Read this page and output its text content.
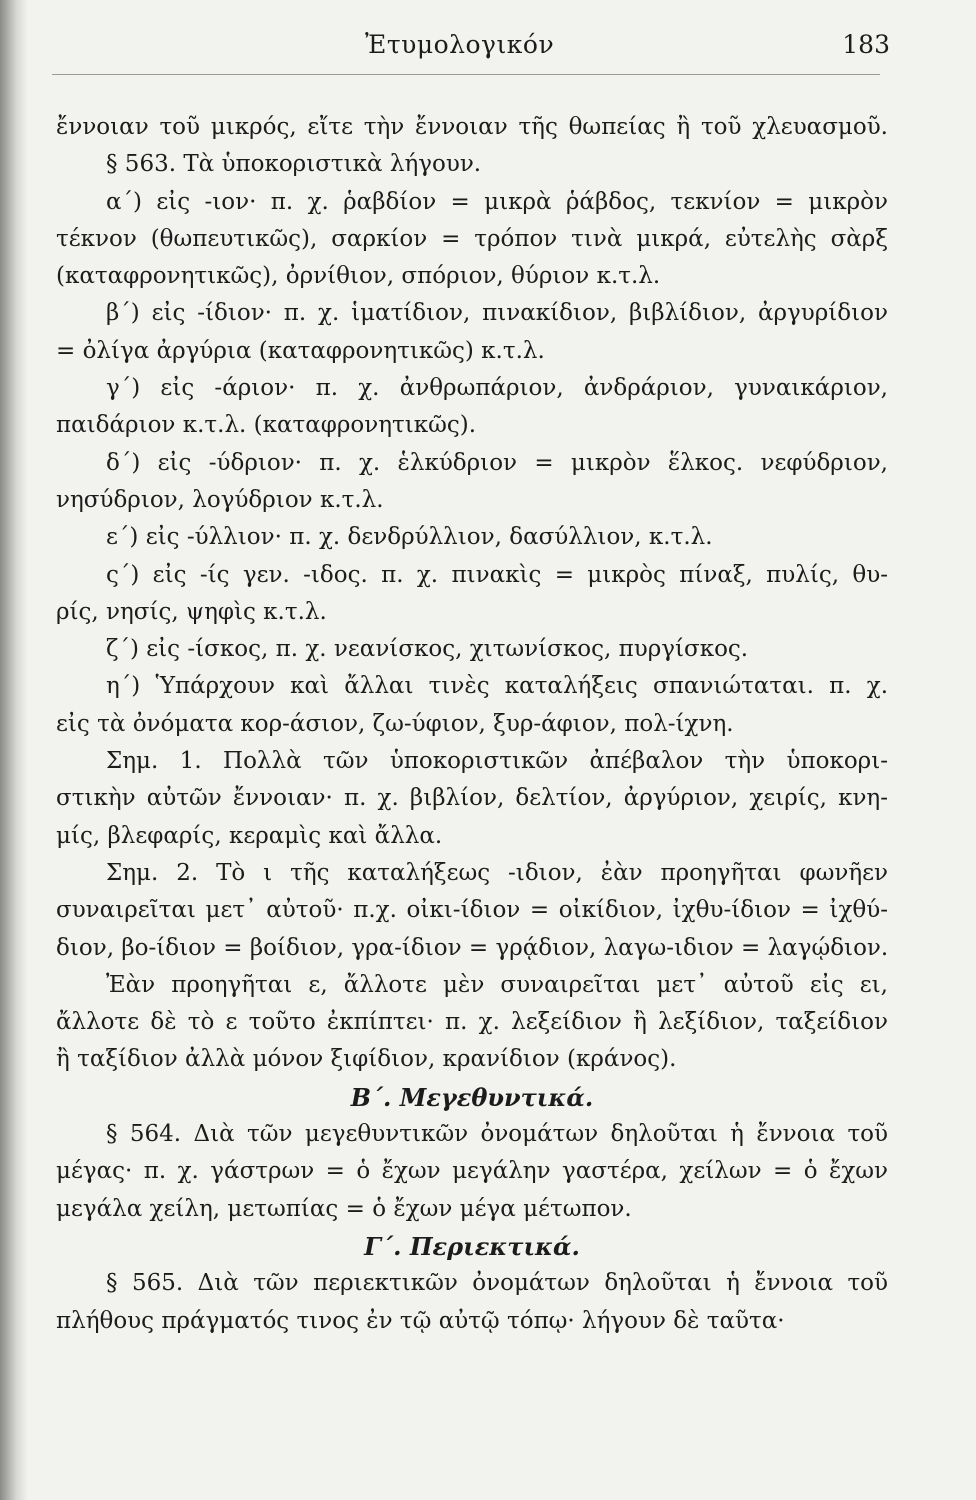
Ἐτυμολογικόν	183
ἔννοιαν τοῦ μικρός, εἴτε τὴν ἔννοιαν τῆς θωπείας ἢ τοῦ χλευασμοῦ.
§ 563. Τὰ ὑποκοριστικὰ λήγουν.
α΄) εἰς -ιον· π. χ. ῥαβδίον = μικρὰ ῥάβδος, τεκνίον = μικρὸν
τέκνον (θωπευτικῶς), σαρκίον = τρόπον τινὰ μικρά, εὐτελὴς σὰρξ
(καταφρονητικῶς), ὀρνίθιον, σπόριον, θύριον κ.τ.λ.
β΄) εἰς -ίδιον· π. χ. ἱματίδιον, πινακίδιον, βιβλίδιον, ἀργυρίδιον
= ὀλίγα ἀργύρια (καταφρονητικῶς) κ.τ.λ.
γ΄) εἰς -άριον· π. χ. ἀνθρωπάριον, ἀνδράριον, γυναικάριον,
παιδάριον κ.τ.λ. (καταφρονητικῶς).
δ΄) εἰς -ύδριον· π. χ. ἑλκύδριον = μικρὸν ἕλκος. νεφύδριον,
νησύδριον, λογύδριον κ.τ.λ.
ε΄) εἰς -ύλλιον· π. χ. δενδρύλλιον, δασύλλιον, κ.τ.λ.
ς΄) εἰς -ίς γεν. -ιδος. π. χ. πινακὶς = μικρὸς πίναξ, πυλίς, θυ-
ρίς, νησίς, ψηφὶς κ.τ.λ.
ζ΄) εἰς -ίσκος, π. χ. νεανίσκος, χιτωνίσκος, πυργίσκος.
η΄) Ὑπάρχουν καὶ ἄλλαι τινὲς καταλήξεις σπανιώταται. π. χ.
εἰς τὰ ὀνόματα κορ-άσιον, ζω-ύφιον, ξυρ-άφιον, πολ-ίχνη.
Σημ. 1. Πολλὰ τῶν ὑποκοριστικῶν ἀπέβαλον τὴν ὑποκορι-
στικὴν αὐτῶν ἔννοιαν· π. χ. βιβλίον, δελτίον, ἀργύριον, χειρίς, κνη-
μίς, βλεφαρίς, κεραμὶς καὶ ἄλλα.
Σημ. 2. Τὸ ι τῆς καταλήξεως -ιδιον, ἐὰν προηγῆται φωνῆεν
συναιρεῖται μετ᾽ αὐτοῦ· π.χ. οἰκι-ίδιον = οἰκίδιον, ἰχθυ-ίδιον = ἰχθύ-
διον, βο-ίδιον = βοίδιον, γρα-ίδιον = γρᾴδιον, λαγω-ιδιον = λαγῴδιον.
Ἐὰν προηγῆται ε, ἄλλοτε μὲν συναιρεῖται μετ᾽ αὐτοῦ εἰς ει,
ἄλλοτε δὲ τὸ ε τοῦτο ἐκπίπτει· π. χ. λεξείδιον ἢ λεξίδιον, ταξείδιον
ἢ ταξίδιον ἀλλὰ μόνον ξιφίδιον, κρανίδιον (κράνος).
Β΄. Μεγεθυντικά.
§ 564. Διὰ τῶν μεγεθυντικῶν ὀνομάτων δηλοῦται ἡ ἔννοια τοῦ
μέγας· π. χ. γάστρων = ὁ ἔχων μεγάλην γαστέρα, χείλων = ὁ ἔχων
μεγάλα χείλη, μετωπίας = ὁ ἔχων μέγα μέτωπον.
Γ΄. Περιεκτικά.
§ 565. Διὰ τῶν περιεκτικῶν ὀνομάτων δηλοῦται ἡ ἔννοια τοῦ
πλήθους πράγματός τινος ἐν τῷ αὐτῷ τόπῳ· λήγουν δὲ ταῦτα·
